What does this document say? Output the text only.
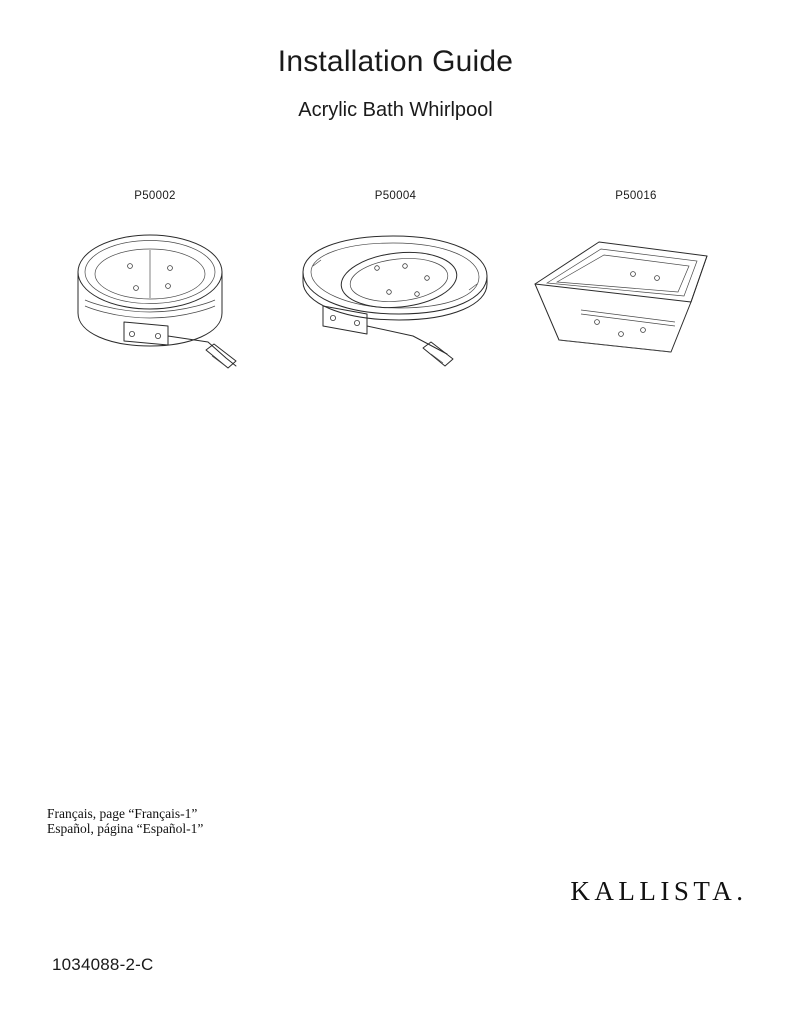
Installation Guide
Acrylic Bath Whirlpool
P50002	P50004	P50016
Français, page “Français-1”
Español, página “Español-1”
KALLISTA.
1034088-2-C
